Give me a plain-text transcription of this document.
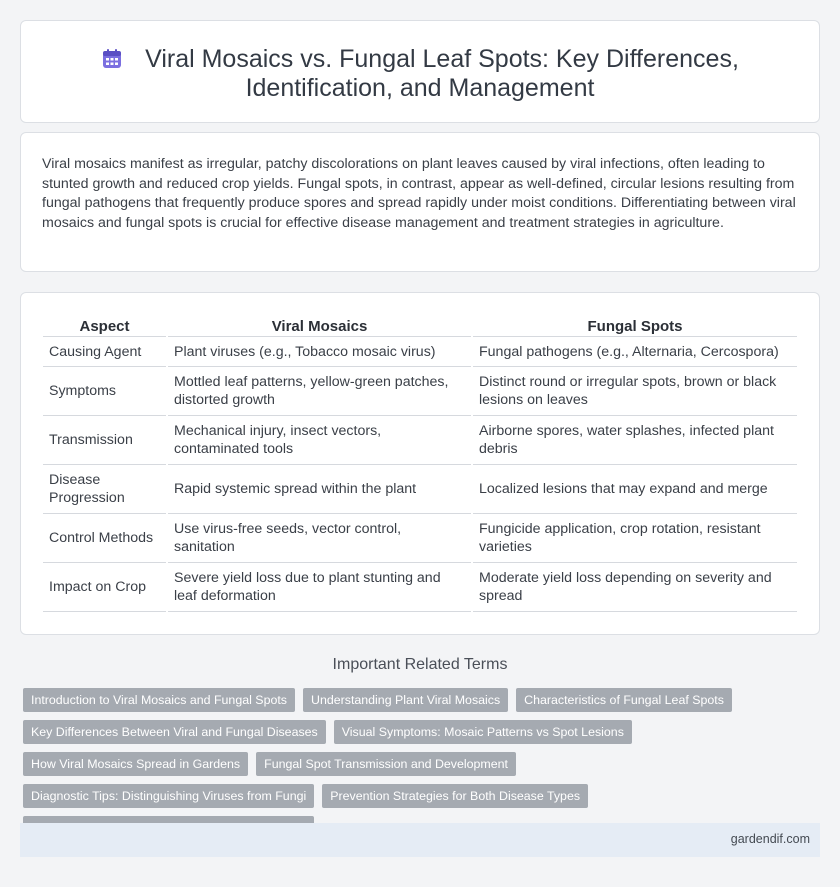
Viral Mosaics vs. Fungal Leaf Spots: Key Differences,
Identification, and Management

Viral mosaics manifest as irregular, patchy discolorations on plant leaves caused by viral infections, often leading to stunted growth and reduced crop yields. Fungal spots, in contrast, appear as well-defined, circular lesions resulting from fungal pathogens that frequently produce spores and spread rapidly under moist conditions. Differentiating between viral mosaics and fungal spots is crucial for effective disease management and treatment strategies in agriculture.

Aspect	Viral Mosaics	Fungal Spots
Causing Agent	Plant viruses (e.g., Tobacco mosaic virus)	Fungal pathogens (e.g., Alternaria, Cercospora)
Symptoms	Mottled leaf patterns, yellow-green patches, distorted growth	Distinct round or irregular spots, brown or black lesions on leaves
Transmission	Mechanical injury, insect vectors, contaminated tools	Airborne spores, water splashes, infected plant debris
Disease Progression	Rapid systemic spread within the plant	Localized lesions that may expand and merge
Control Methods	Use virus-free seeds, vector control, sanitation	Fungicide application, crop rotation, resistant varieties
Impact on Crop	Severe yield loss due to plant stunting and leaf deformation	Moderate yield loss depending on severity and spread
Important Related Terms
Introduction to Viral Mosaics and Fungal Spots	Understanding Plant Viral Mosaics	Characteristics of Fungal Leaf Spots
Key Differences Between Viral and Fungal Diseases	Visual Symptoms: Mosaic Patterns vs Spot Lesions
How Viral Mosaics Spread in Gardens	Fungal Spot Transmission and Development
Diagnostic Tips: Distinguishing Viruses from Fungi	Prevention Strategies for Both Disease Types
gardendif.com
